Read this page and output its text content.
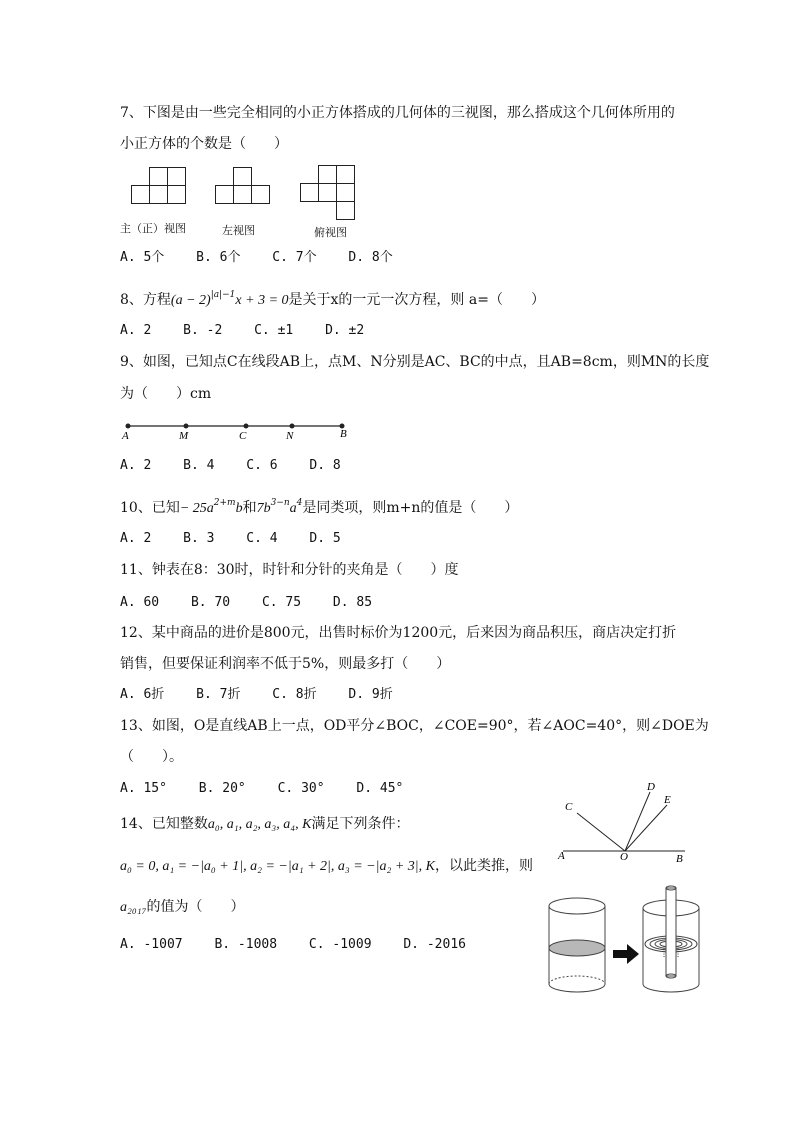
7、下图是由一些完全相同的小正方体搭成的几何体的三视图，那么搭成这个几何体所用的
小正方体的个数是（　　）
主（正）视图	左视图	俯视图
A. 5个 B. 6个 C. 7个 D. 8个
8、方程$(a - 2)^{|a|-1}x + 3 = 0$是关于x的一元一次方程，则 a=（　　）
A. 2 B. -2 C. ±1 D. ±2
9、如图，已知点C在线段AB上，点M、N分别是AC、BC的中点，且AB=8cm，则MN的长度
为（　　）cm
A	M	C	N	B
A. 2 B. 4 C. 6 D. 8
10、已知− $25a^{2+m}b$和$7b^{3-n}a^4$是同类项，则m+n的值是（　　）
A. 2 B. 3 C. 4 D. 5
11、钟表在8：30时，时针和分针的夹角是（　　）度
A. 60 B. 70 C. 75 D. 85
12、某中商品的进价是800元，出售时标价为1200元，后来因为商品积压，商店决定打折
销售，但要保证利润率不低于5%，则最多打（　　）
A. 6折 B. 7折 C. 8折 D. 9折
13、如图，O是直线AB上一点，OD平分∠BOC，∠COE=90°，若∠AOC=40°，则∠DOE为
（　　）。
A. 15° B. 20° C. 30° D. 45°
C
D
E
A	O	B
14、已知整数a₀, a₁, a₂, a₃, a₄, K满足下列条件：
a₀ = 0, a₁ = −|a₀ + 1|, a₂ = −|a₁ + 2|, a₃ = −|a₂ + 3|, K，以此类推，则
a₂₀₁₇的值为（　　）
A. -1007 B. -1008 C. -1009 D. -2016
